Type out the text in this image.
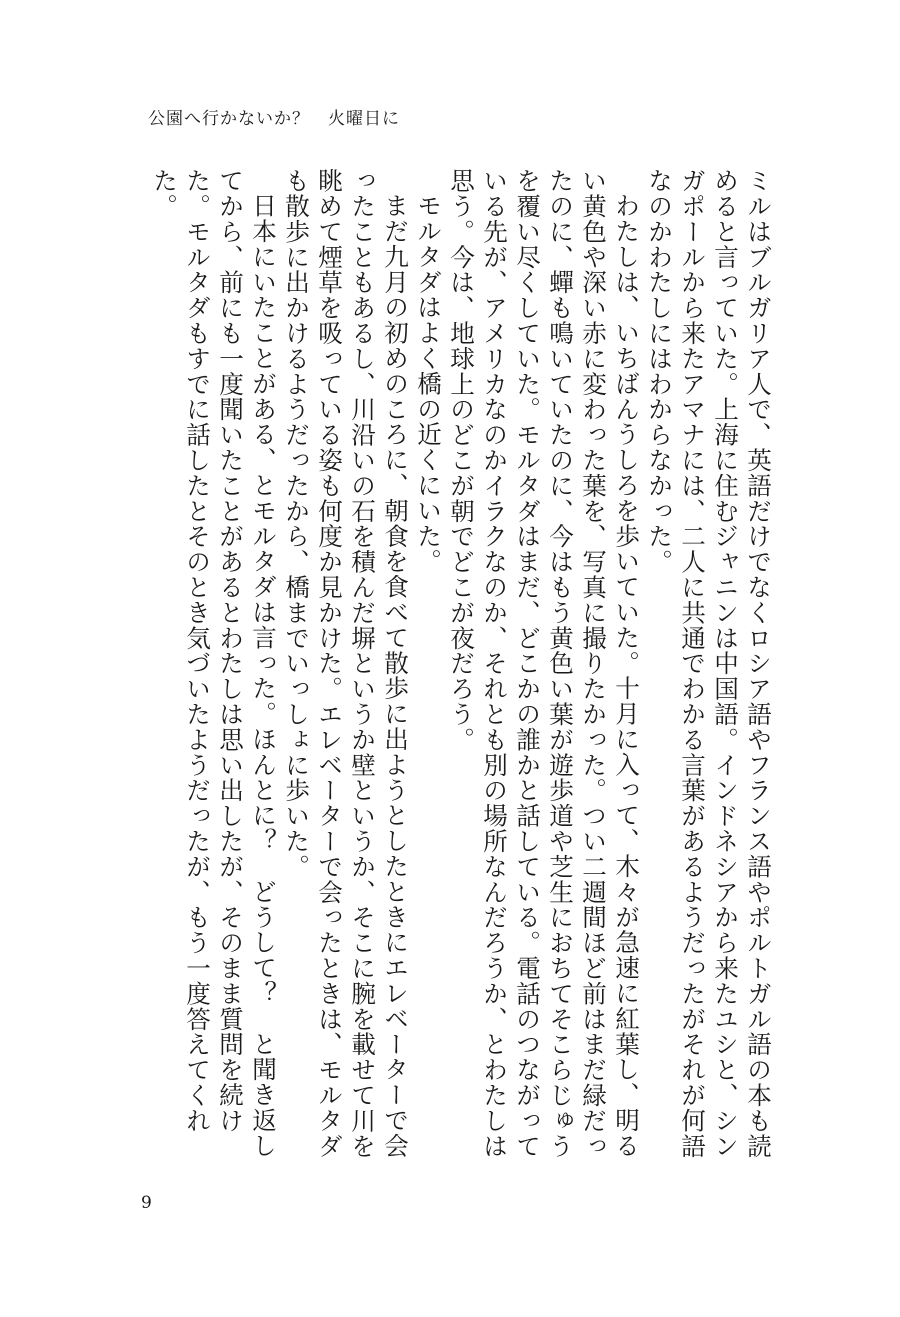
公園へ行かないか？　火曜日に

ミルはブルガリア人で、英語だけでなくロシア語やフランス語やポルトガル語の本も読めると言っていた。上海に住むジャニンは中国語。インドネシアから来たユシと、シンガポールから来たアマナには、二人に共通でわかる言葉があるようだったがそれが何語なのかわたしにはわからなかった。

わたしは、いちばんうしろを歩いていた。十月に入って、木々が急速に紅葉し、明るい黄色や深い赤に変わった葉を、写真に撮りたかった。つい二週間ほど前はまだ緑だったのに、蟬も鳴いていたのに、今はもう黄色い葉が遊歩道や芝生におちてそこらじゅうを覆い尽くしていた。モルタダはまだ、どこかの誰かと話している。電話のつながっている先が、アメリカなのかイラクなのか、それとも別の場所なんだろうか、とわたしは思う。今は、地球上のどこが朝でどこが夜だろう。

モルタダはよく橋の近くにいた。

まだ九月の初めのころに、朝食を食べて散歩に出ようとしたときにエレベーターで会ったこともあるし、川沿いの石を積んだ塀というか壁というか、そこに腕を載せて川を眺めて煙草を吸っている姿も何度か見かけた。エレベーターで会ったときは、モルタダも散歩に出かけるようだったから、橋までいっしょに歩いた。

日本にいたことがある、とモルタダは言った。ほんとに？　どうして？　と聞き返してから、前にも一度聞いたことがあるとわたしは思い出したが、そのまま質問を続けた。モルタダもすでに話したとそのとき気づいたようだったが、もう一度答えてくれた。

9
